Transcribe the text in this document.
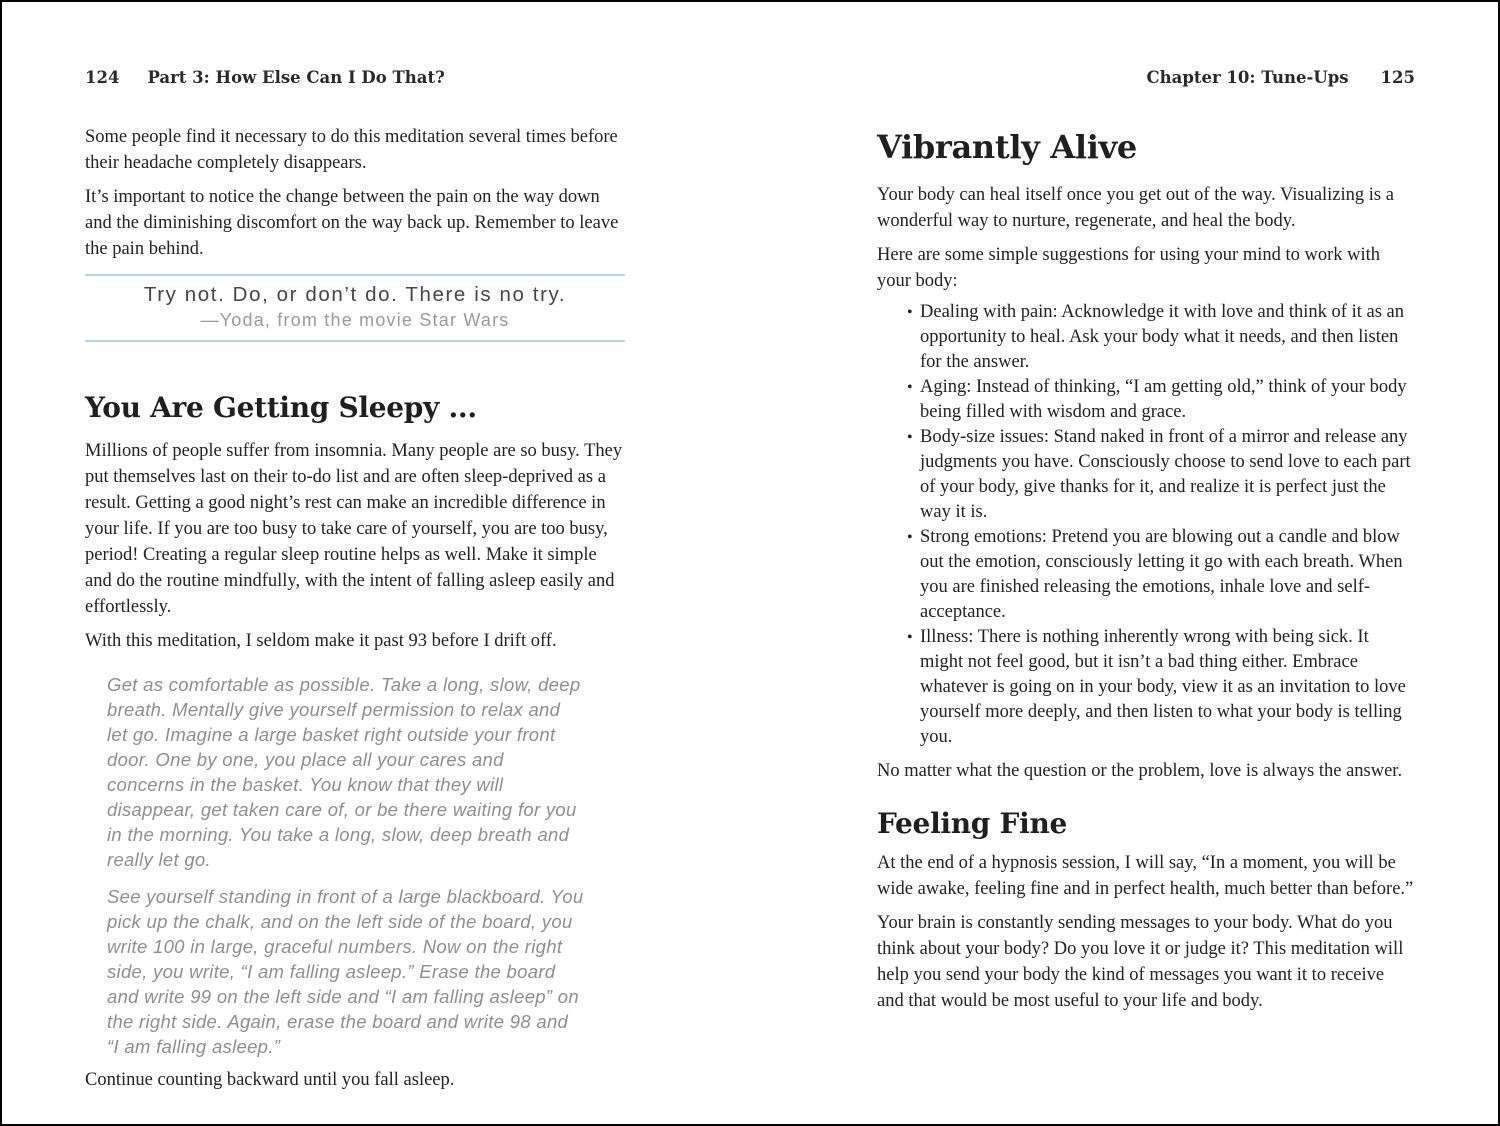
124 Part 3: How Else Can I Do That?

Some people find it necessary to do this meditation several times before their headache completely disappears.

It’s important to notice the change between the pain on the way down and the diminishing discomfort on the way back up. Remember to leave the pain behind.

Try not. Do, or don’t do. There is no try.
—Yoda, from the movie Star Wars
You Are Getting Sleepy ...

Millions of people suffer from insomnia. Many people are so busy. They put themselves last on their to-do list and are often sleep-deprived as a result. Getting a good night’s rest can make an incredible difference in your life. If you are too busy to take care of yourself, you are too busy, period! Creating a regular sleep routine helps as well. Make it simple and do the routine mindfully, with the intent of falling asleep easily and effortlessly.

With this meditation, I seldom make it past 93 before I drift off.

Get as comfortable as possible. Take a long, slow, deep breath. Mentally give yourself permission to relax and let go. Imagine a large basket right outside your front door. One by one, you place all your cares and concerns in the basket. You know that they will disappear, get taken care of, or be there waiting for you in the morning. You take a long, slow, deep breath and really let go.

See yourself standing in front of a large blackboard. You pick up the chalk, and on the left side of the board, you write 100 in large, graceful numbers. Now on the right side, you write, “I am falling asleep.” Erase the board and write 99 on the left side and “I am falling asleep” on the right side. Again, erase the board and write 98 and “I am falling asleep.”

Continue counting backward until you fall asleep.

Chapter 10: Tune-Ups 125
Vibrantly Alive

Your body can heal itself once you get out of the way. Visualizing is a wonderful way to nurture, regenerate, and heal the body.

Here are some simple suggestions for using your mind to work with your body:

• Dealing with pain: Acknowledge it with love and think of it as an opportunity to heal. Ask your body what it needs, and then listen for the answer.
• Aging: Instead of thinking, “I am getting old,” think of your body being filled with wisdom and grace.
• Body-size issues: Stand naked in front of a mirror and release any judgments you have. Consciously choose to send love to each part of your body, give thanks for it, and realize it is perfect just the way it is.
• Strong emotions: Pretend you are blowing out a candle and blow out the emotion, consciously letting it go with each breath. When you are finished releasing the emotions, inhale love and self-acceptance.
• Illness: There is nothing inherently wrong with being sick. It might not feel good, but it isn’t a bad thing either. Embrace whatever is going on in your body, view it as an invitation to love yourself more deeply, and then listen to what your body is telling you.

No matter what the question or the problem, love is always the answer.

Feeling Fine

At the end of a hypnosis session, I will say, “In a moment, you will be wide awake, feeling fine and in perfect health, much better than before.”

Your brain is constantly sending messages to your body. What do you think about your body? Do you love it or judge it? This meditation will help you send your body the kind of messages you want it to receive and that would be most useful to your life and body.
